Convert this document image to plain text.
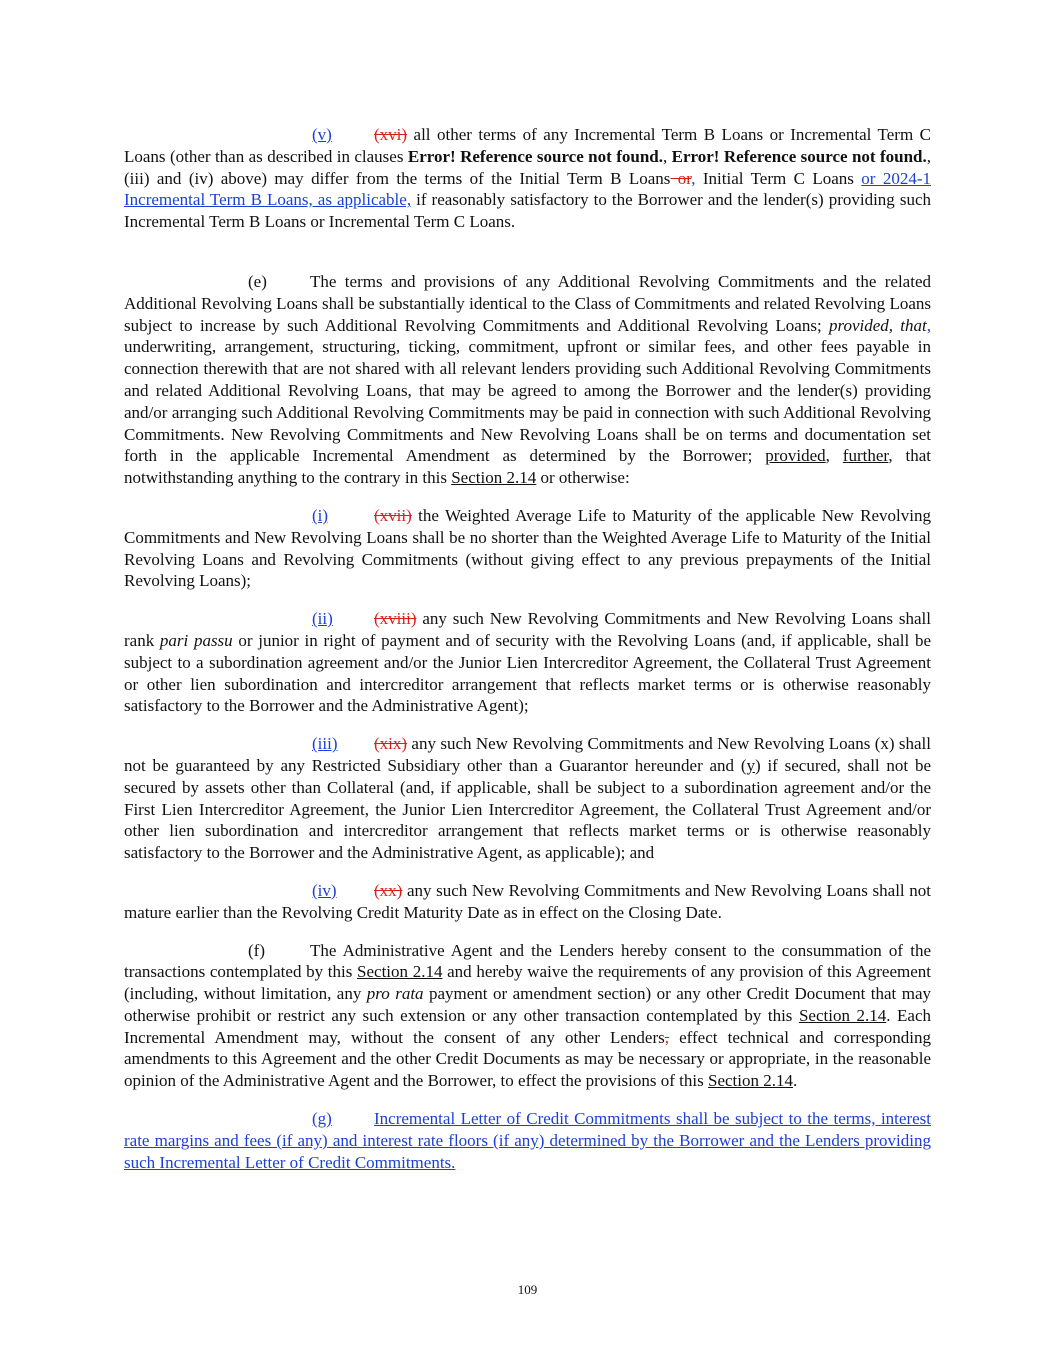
(v) (xvi) all other terms of any Incremental Term B Loans or Incremental Term C Loans (other than as described in clauses Error! Reference source not found., Error! Reference source not found., (iii) and (iv) above) may differ from the terms of the Initial Term B Loans or, Initial Term C Loans or 2024-1 Incremental Term B Loans, as applicable, if reasonably satisfactory to the Borrower and the lender(s) providing such Incremental Term B Loans or Incremental Term C Loans.

(e)	The terms and provisions of any Additional Revolving Commitments and the related Additional Revolving Loans shall be substantially identical to the Class of Commitments and related Revolving Loans subject to increase by such Additional Revolving Commitments and Additional Revolving Loans; provided, that, underwriting, arrangement, structuring, ticking, commitment, upfront or similar fees, and other fees payable in connection therewith that are not shared with all relevant lenders providing such Additional Revolving Commitments and related Additional Revolving Loans, that may be agreed to among the Borrower and the lender(s) providing and/or arranging such Additional Revolving Commitments may be paid in connection with such Additional Revolving Commitments. New Revolving Commitments and New Revolving Loans shall be on terms and documentation set forth in the applicable Incremental Amendment as determined by the Borrower; provided, further, that notwithstanding anything to the contrary in this Section 2.14 or otherwise:

(i)	(xvii) the Weighted Average Life to Maturity of the applicable New Revolving Commitments and New Revolving Loans shall be no shorter than the Weighted Average Life to Maturity of the Initial Revolving Loans and Revolving Commitments (without giving effect to any previous prepayments of the Initial Revolving Loans);

(ii) (xviii) any such New Revolving Commitments and New Revolving Loans shall rank pari passu or junior in right of payment and of security with the Revolving Loans (and, if applicable, shall be subject to a subordination agreement and/or the Junior Lien Intercreditor Agreement, the Collateral Trust Agreement or other lien subordination and intercreditor arrangement that reflects market terms or is otherwise reasonably satisfactory to the Borrower and the Administrative Agent);

(iii) (xix) any such New Revolving Commitments and New Revolving Loans (x) shall not be guaranteed by any Restricted Subsidiary other than a Guarantor hereunder and (y) if secured, shall not be secured by assets other than Collateral (and, if applicable, shall be subject to a subordination agreement and/or the First Lien Intercreditor Agreement, the Junior Lien Intercreditor Agreement, the Collateral Trust Agreement and/or other lien subordination and intercreditor arrangement that reflects market terms or is otherwise reasonably satisfactory to the Borrower and the Administrative Agent, as applicable); and

(iv) (xx) any such New Revolving Commitments and New Revolving Loans shall not mature earlier than the Revolving Credit Maturity Date as in effect on the Closing Date.

(f)	The Administrative Agent and the Lenders hereby consent to the consummation of the transactions contemplated by this Section 2.14 and hereby waive the requirements of any provision of this Agreement (including, without limitation, any pro rata payment or amendment section) or any other Credit Document that may otherwise prohibit or restrict any such extension or any other transaction contemplated by this Section 2.14. Each Incremental Amendment may, without the consent of any other Lenders, effect technical and corresponding amendments to this Agreement and the other Credit Documents as may be necessary or appropriate, in the reasonable opinion of the Administrative Agent and the Borrower, to effect the provisions of this Section 2.14.

(g) Incremental Letter of Credit Commitments shall be subject to the terms, interest rate margins and fees (if any) and interest rate floors (if any) determined by the Borrower and the Lenders providing such Incremental Letter of Credit Commitments.

109
